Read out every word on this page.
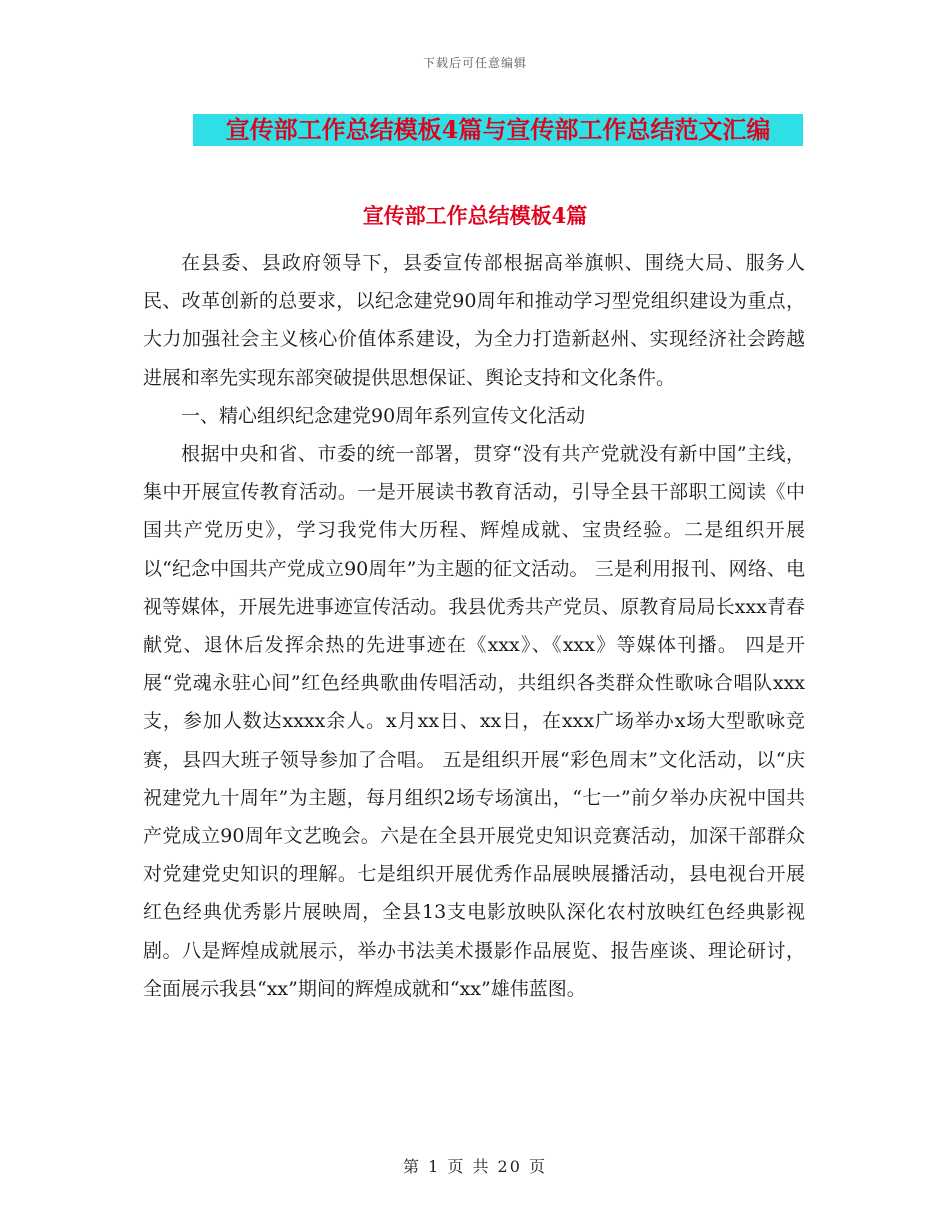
下载后可任意编辑
宣传部工作总结模板4篇与宣传部工作总结范文汇编
宣传部工作总结模板4篇

在县委、县政府领导下，县委宣传部根据高举旗帜、围绕大局、服务人民、改革创新的总要求，以纪念建党90周年和推动学习型党组织建设为重点，大力加强社会主义核心价值体系建设，为全力打造新赵州、实现经济社会跨越进展和率先实现东部突破提供思想保证、舆论支持和文化条件。

一、精心组织纪念建党90周年系列宣传文化活动

根据中央和省、市委的统一部署，贯穿“没有共产党就没有新中国”主线，集中开展宣传教育活动。一是开展读书教育活动，引导全县干部职工阅读《中国共产党历史》，学习我党伟大历程、辉煌成就、宝贵经验。二是组织开展以“纪念中国共产党成立90周年”为主题的征文活动。 三是利用报刊、网络、电视等媒体，开展先进事迹宣传活动。我县优秀共产党员、原教育局局长xxx青春献党、退休后发挥余热的先进事迹在《xxx》、《xxx》等媒体刊播。 四是开展“党魂永驻心间”红色经典歌曲传唱活动，共组织各类群众性歌咏合唱队xxx支，参加人数达xxxx余人。x月xx日、xx日，在xxx广场举办x场大型歌咏竞赛，县四大班子领导参加了合唱。 五是组织开展“彩色周末”文化活动，以“庆祝建党九十周年”为主题，每月组织2场专场演出，“七一”前夕举办庆祝中国共产党成立90周年文艺晚会。六是在全县开展党史知识竞赛活动，加深干部群众对党建党史知识的理解。七是组织开展优秀作品展映展播活动，县电视台开展红色经典优秀影片展映周，全县13支电影放映队深化农村放映红色经典影视剧。八是辉煌成就展示，举办书法美术摄影作品展览、报告座谈、理论研讨，全面展示我县“xx”期间的辉煌成就和“xx”雄伟蓝图。

第 1 页 共 20 页
